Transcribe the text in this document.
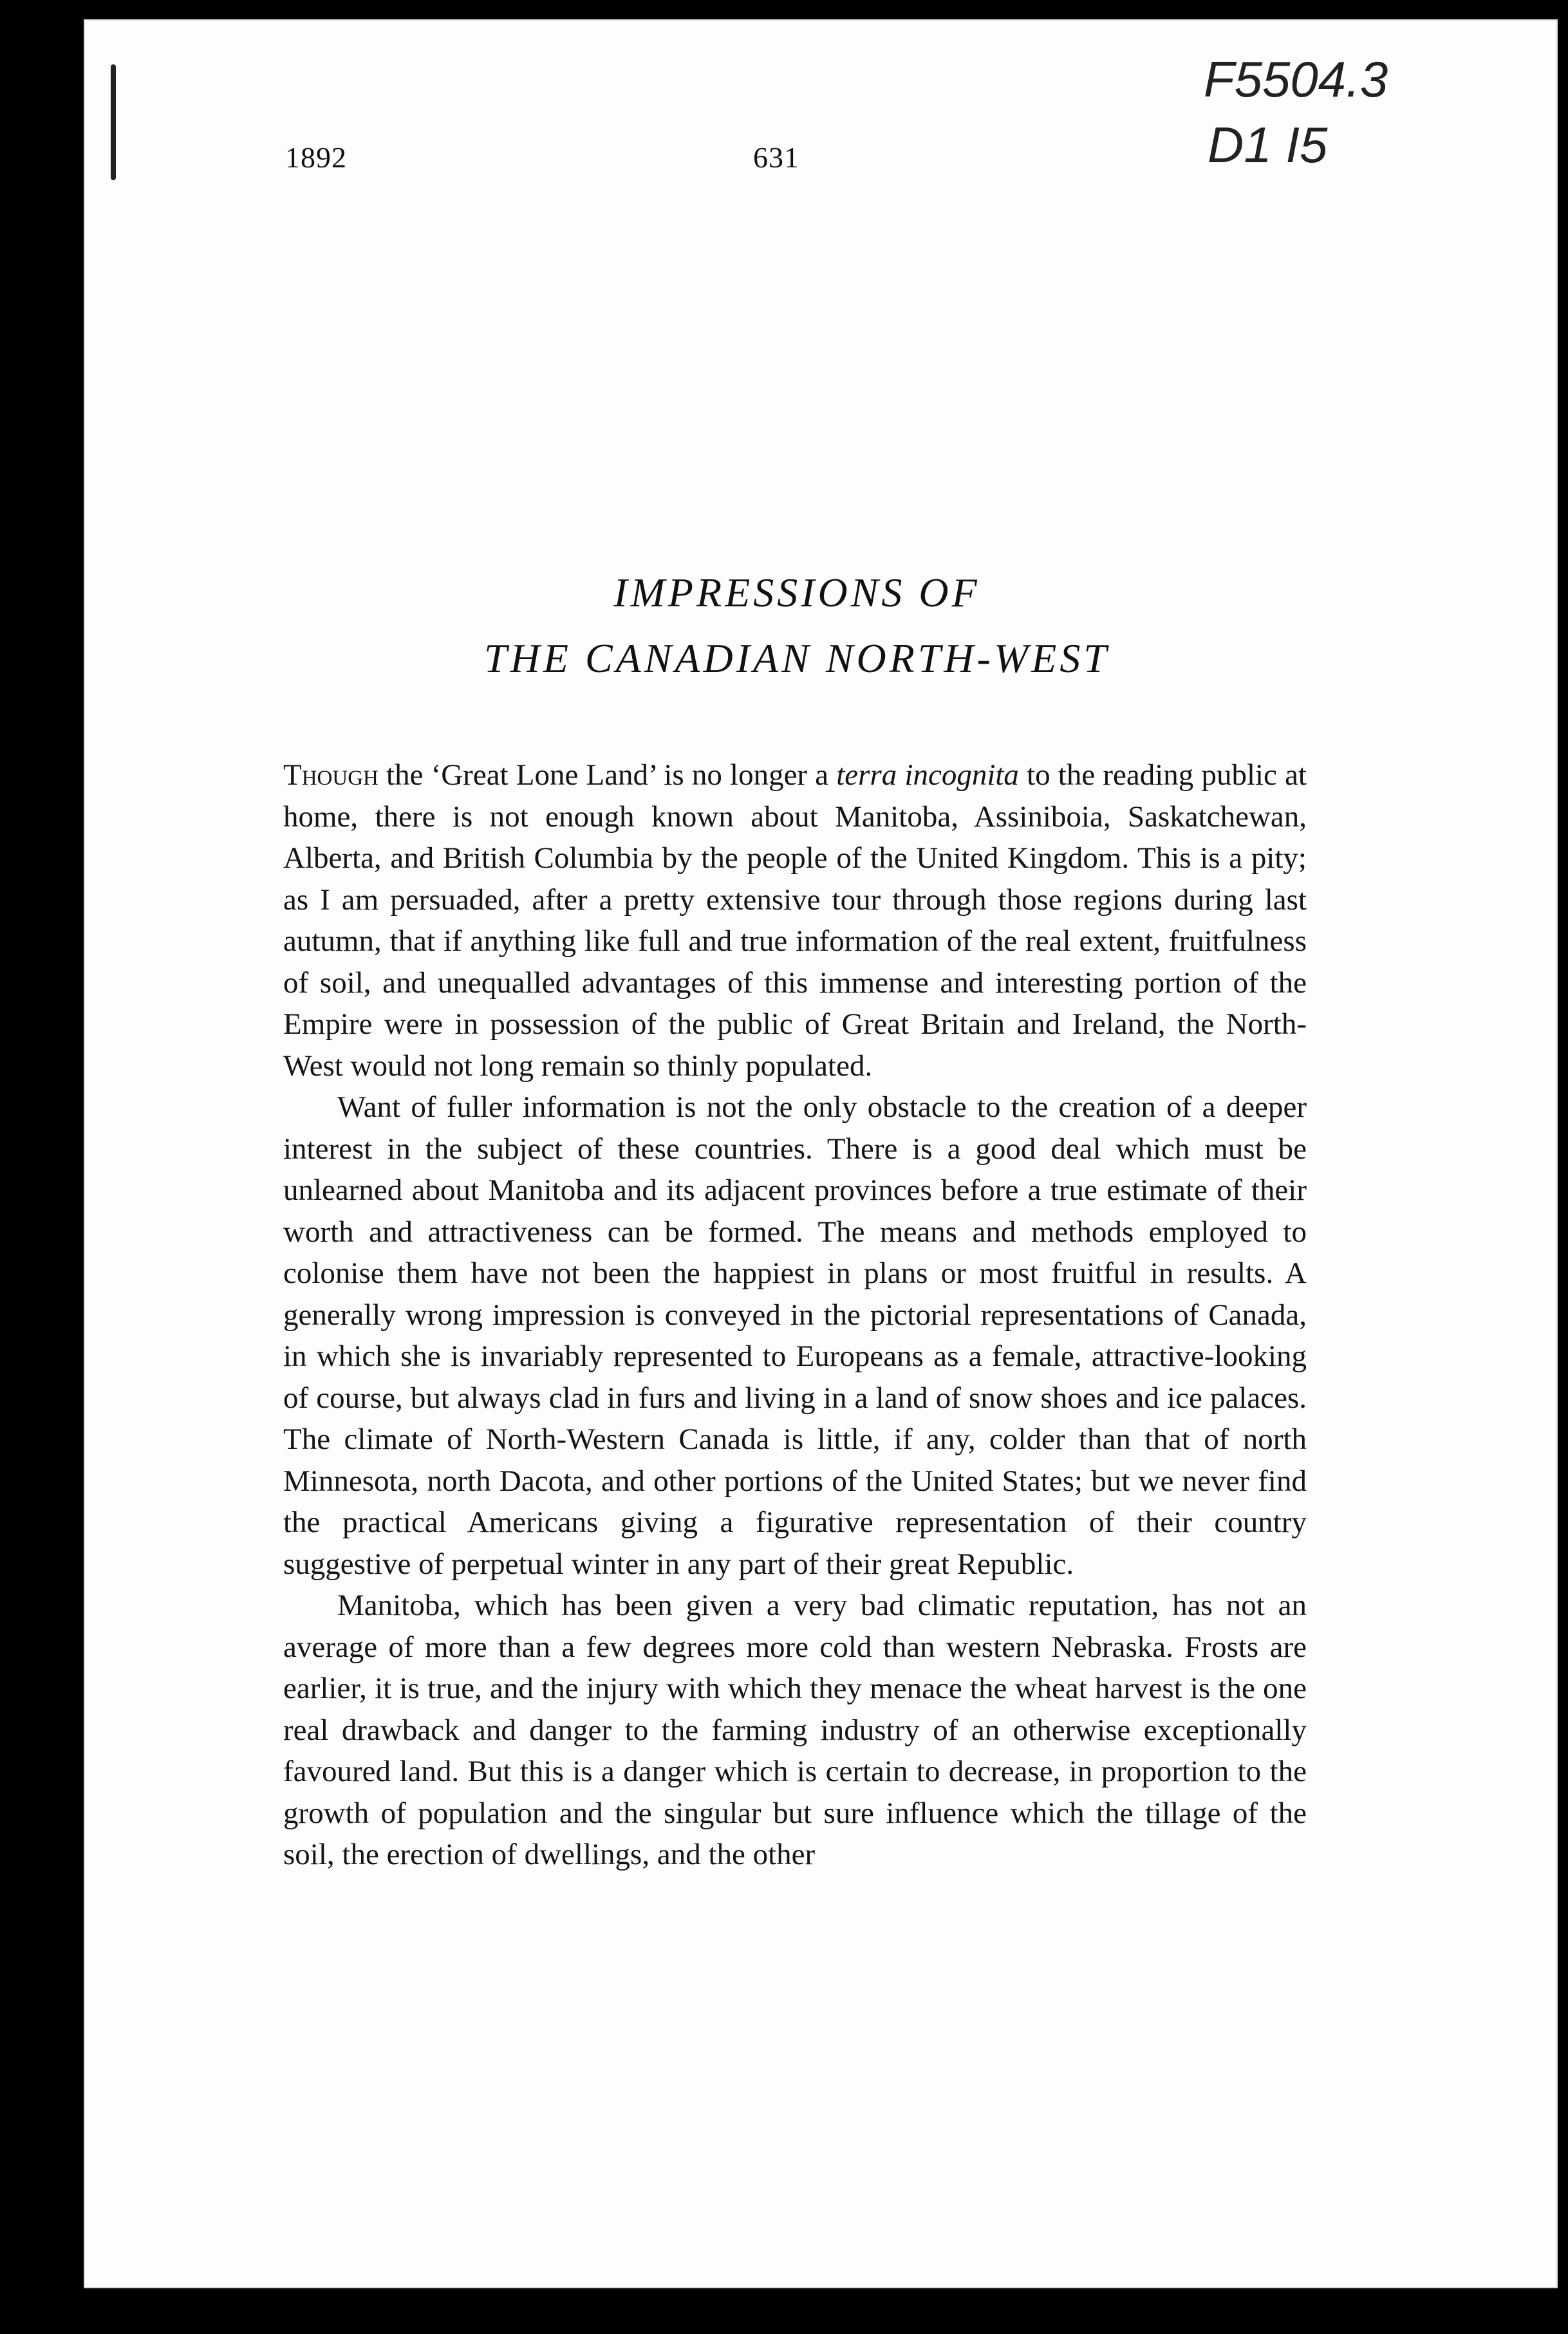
F5504.3
D1 I5
1892	631
IMPRESSIONS OF
THE CANADIAN NORTH-WEST

Though the ‘Great Lone Land’ is no longer a terra incognita to the reading public at home, there is not enough known about Manitoba, Assiniboia, Saskatchewan, Alberta, and British Columbia by the people of the United Kingdom. This is a pity; as I am persuaded, after a pretty extensive tour through those regions during last autumn, that if anything like full and true information of the real extent, fruitfulness of soil, and unequalled advantages of this immense and interesting portion of the Empire were in possession of the public of Great Britain and Ireland, the North-West would not long remain so thinly populated.

Want of fuller information is not the only obstacle to the creation of a deeper interest in the subject of these countries. There is a good deal which must be unlearned about Manitoba and its adjacent provinces before a true estimate of their worth and attractiveness can be formed. The means and methods employed to colonise them have not been the happiest in plans or most fruitful in results. A generally wrong impression is conveyed in the pictorial representations of Canada, in which she is invariably represented to Europeans as a female, attractive-looking of course, but always clad in furs and living in a land of snow shoes and ice palaces. The climate of North-Western Canada is little, if any, colder than that of north Minnesota, north Dacota, and other portions of the United States; but we never find the practical Americans giving a figurative representation of their country suggestive of perpetual winter in any part of their great Republic.

Manitoba, which has been given a very bad climatic reputation, has not an average of more than a few degrees more cold than western Nebraska. Frosts are earlier, it is true, and the injury with which they menace the wheat harvest is the one real drawback and danger to the farming industry of an otherwise exceptionally favoured land. But this is a danger which is certain to decrease, in proportion to the growth of population and the singular but sure influence which the tillage of the soil, the erection of dwellings, and the other
